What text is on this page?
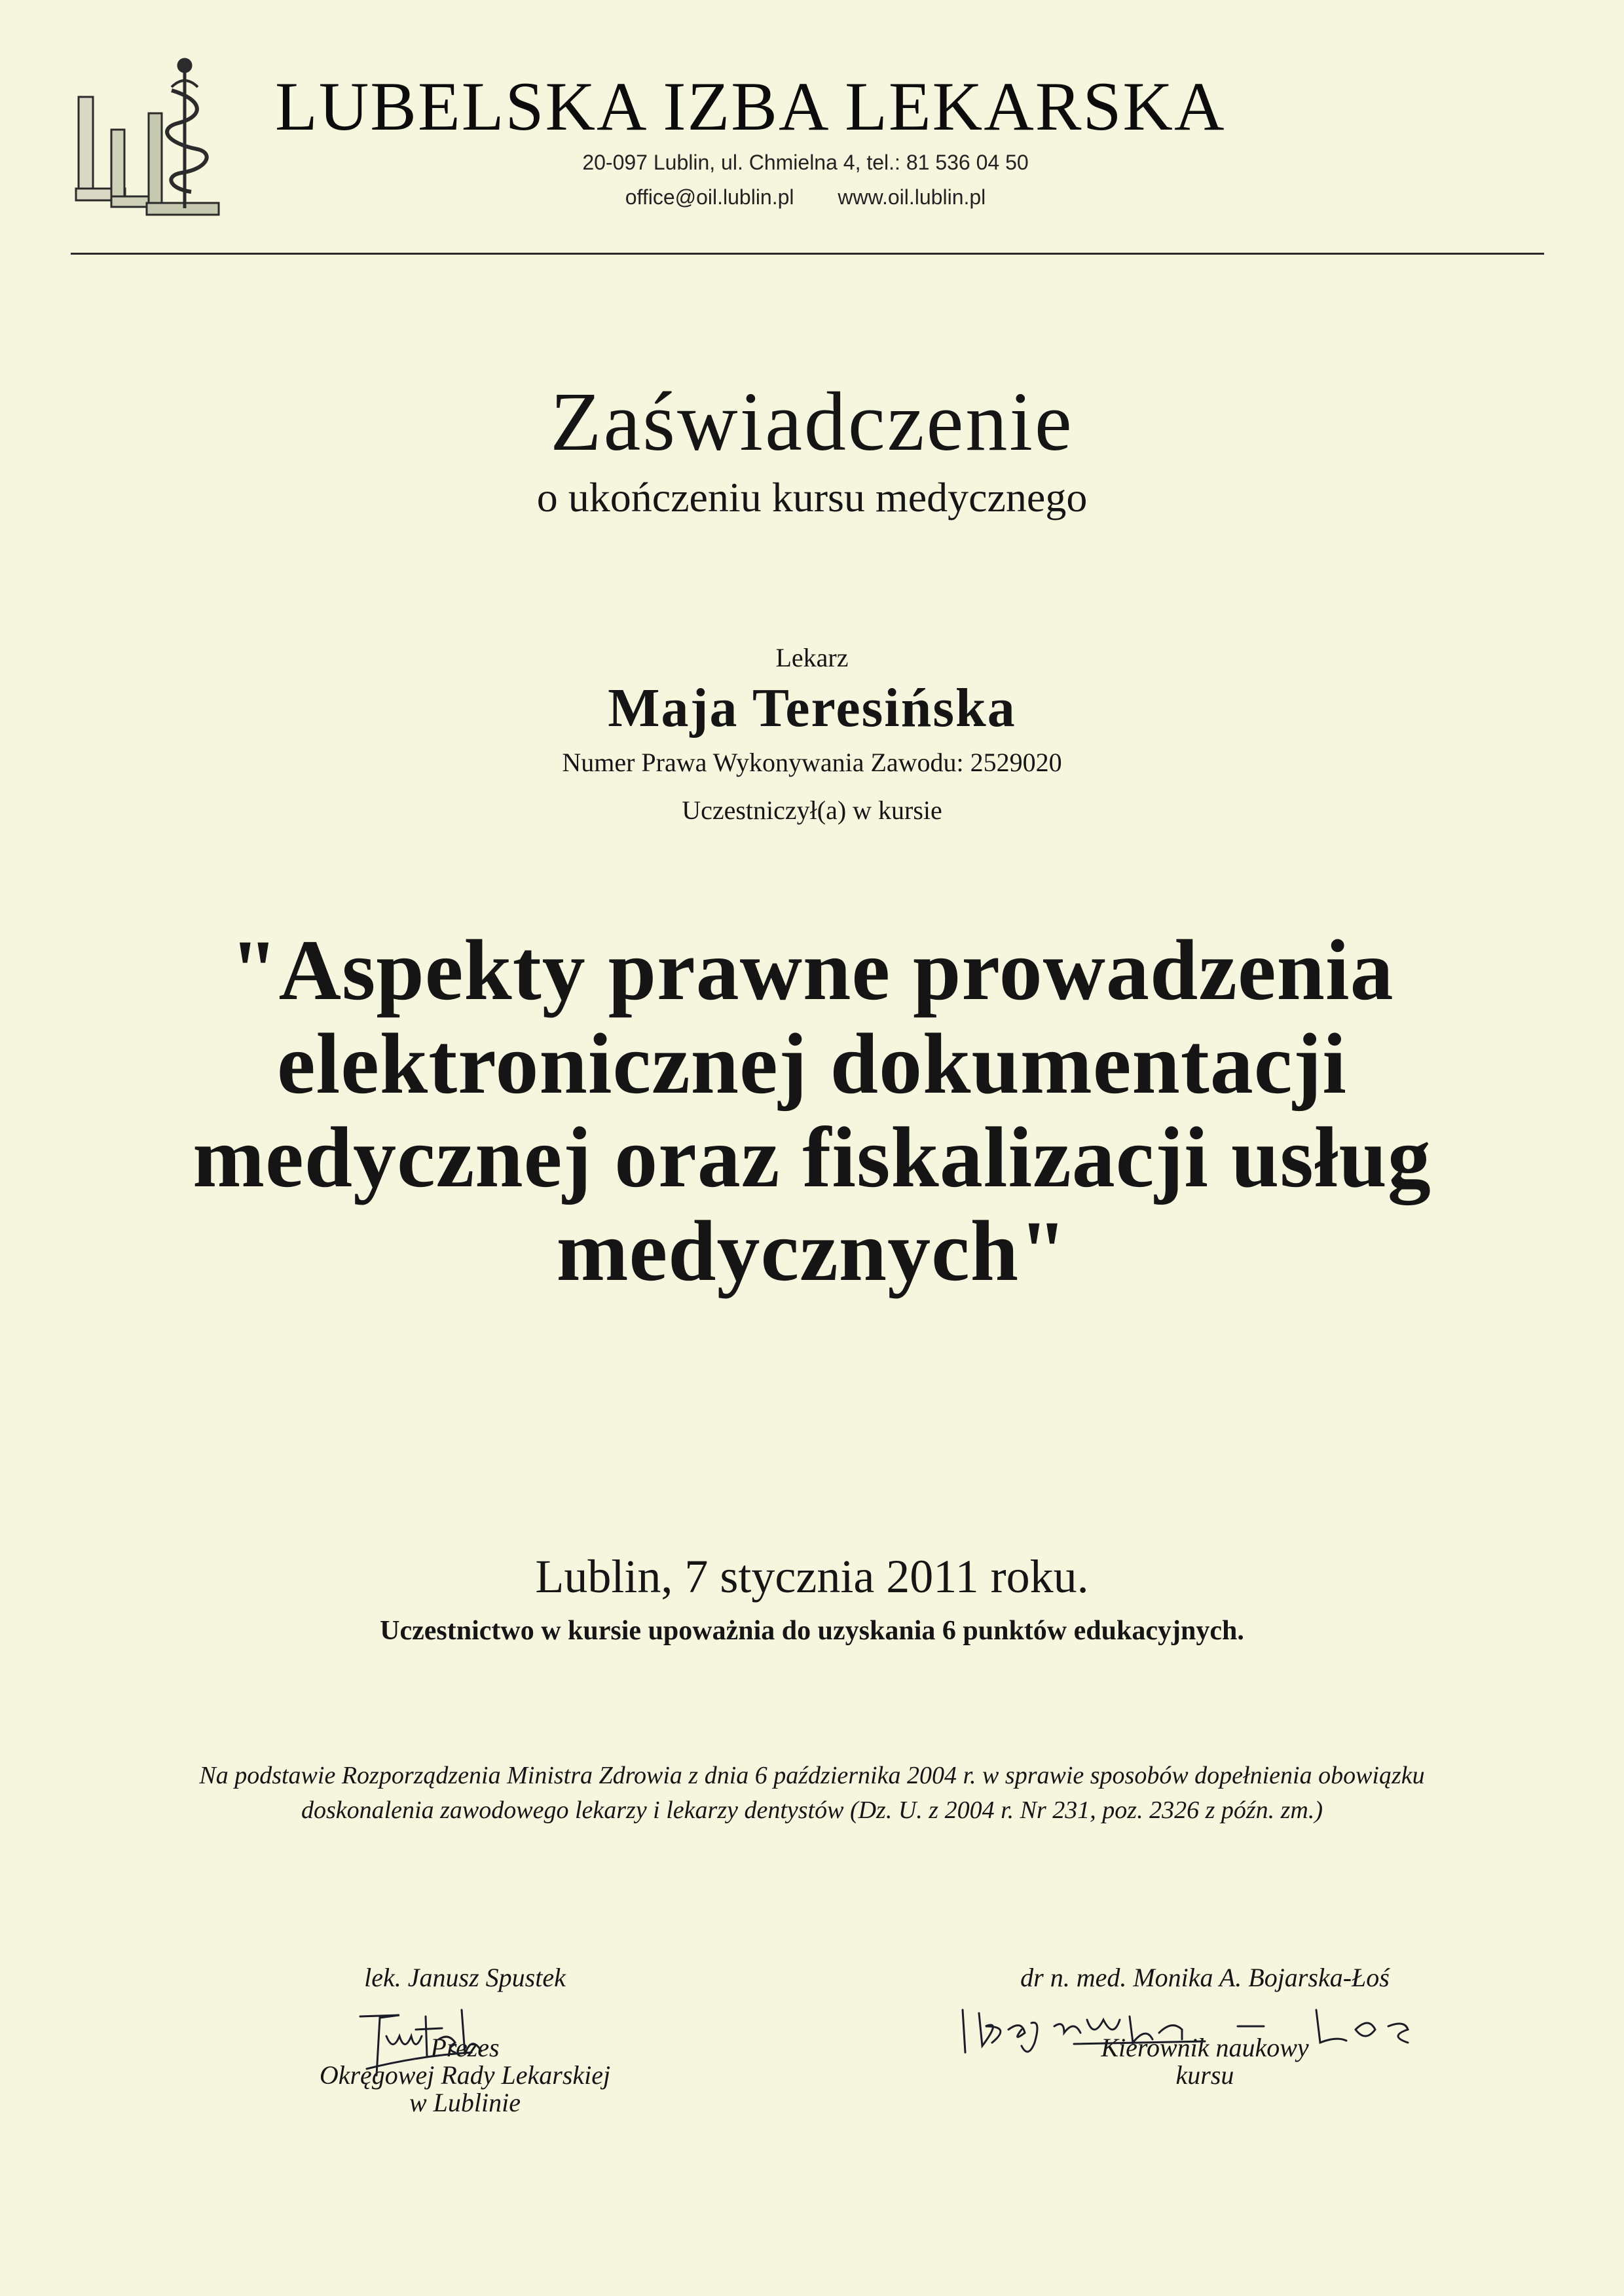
LUBELSKA IZBA LEKARSKA
20-097 Lublin, ul. Chmielna 4, tel.: 81 536 04 50
office@oil.lublin.pl www.oil.lublin.pl
Zaświadczenie
o ukończeniu kursu medycznego
Lekarz
Maja Teresińska
Numer Prawa Wykonywania Zawodu: 2529020
Uczestniczył(a) w kursie
"Aspekty prawne prowadzenia
elektronicznej dokumentacji
medycznej oraz fiskalizacji usług
medycznych"
Lublin, 7 stycznia 2011 roku.
Uczestnictwo w kursie upoważnia do uzyskania 6 punktów edukacyjnych.
Na podstawie Rozporządzenia Ministra Zdrowia z dnia 6 października 2004 r. w sprawie sposobów dopełnienia obowiązku
doskonalenia zawodowego lekarzy i lekarzy dentystów (Dz. U. z 2004 r. Nr 231, poz. 2326 z późn. zm.)
lek. Janusz Spustek
Prezes
Okręgowej Rady Lekarskiej
w Lublinie
dr n. med. Monika A. Bojarska-Łoś
Kierownik naukowy
kursu
